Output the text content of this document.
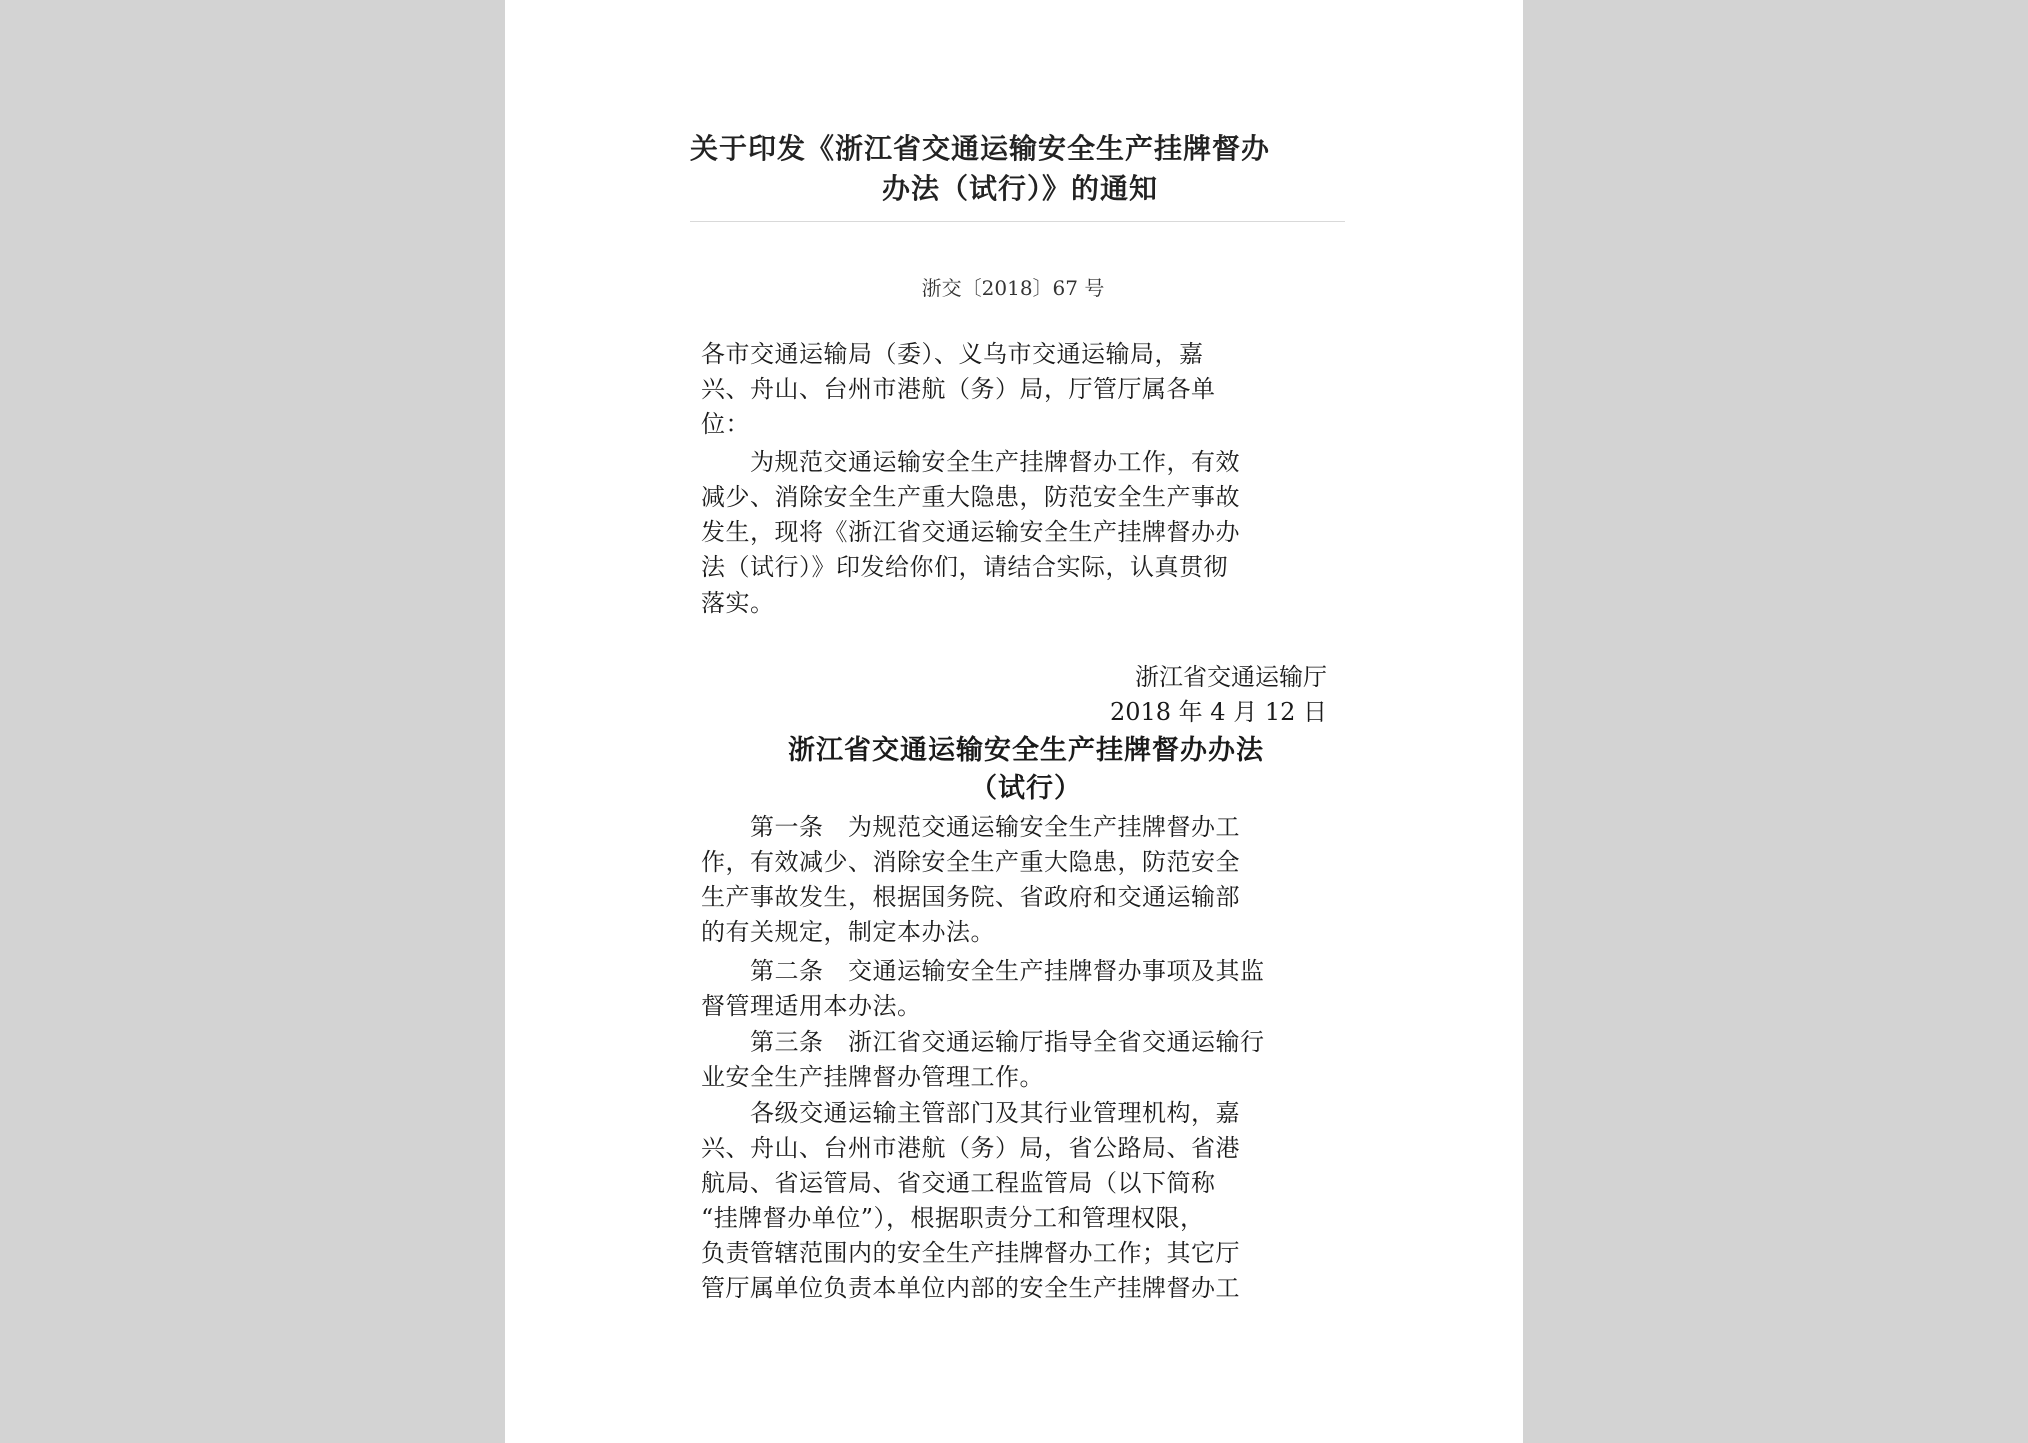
关于印发《浙江省交通运输安全生产挂牌督办
办法（试行）》的通知
浙交〔2018〕67 号
各市交通运输局（委）、义乌市交通运输局，嘉
兴、舟山、台州市港航（务）局，厅管厅属各单
位：
　　为规范交通运输安全生产挂牌督办工作，有效
减少、消除安全生产重大隐患，防范安全生产事故
发生，现将《浙江省交通运输安全生产挂牌督办办
法（试行）》印发给你们，请结合实际，认真贯彻
落实。
浙江省交通运输厅
2018 年 4 月 12 日
浙江省交通运输安全生产挂牌督办办法
（试行）
　　第一条　为规范交通运输安全生产挂牌督办工
作，有效减少、消除安全生产重大隐患，防范安全
生产事故发生，根据国务院、省政府和交通运输部
的有关规定，制定本办法。
　　第二条　交通运输安全生产挂牌督办事项及其监
督管理适用本办法。
　　第三条　浙江省交通运输厅指导全省交通运输行
业安全生产挂牌督办管理工作。
　　各级交通运输主管部门及其行业管理机构，嘉
兴、舟山、台州市港航（务）局，省公路局、省港
航局、省运管局、省交通工程监管局（以下简称
“挂牌督办单位”），根据职责分工和管理权限，
负责管辖范围内的安全生产挂牌督办工作；其它厅
管厅属单位负责本单位内部的安全生产挂牌督办工
